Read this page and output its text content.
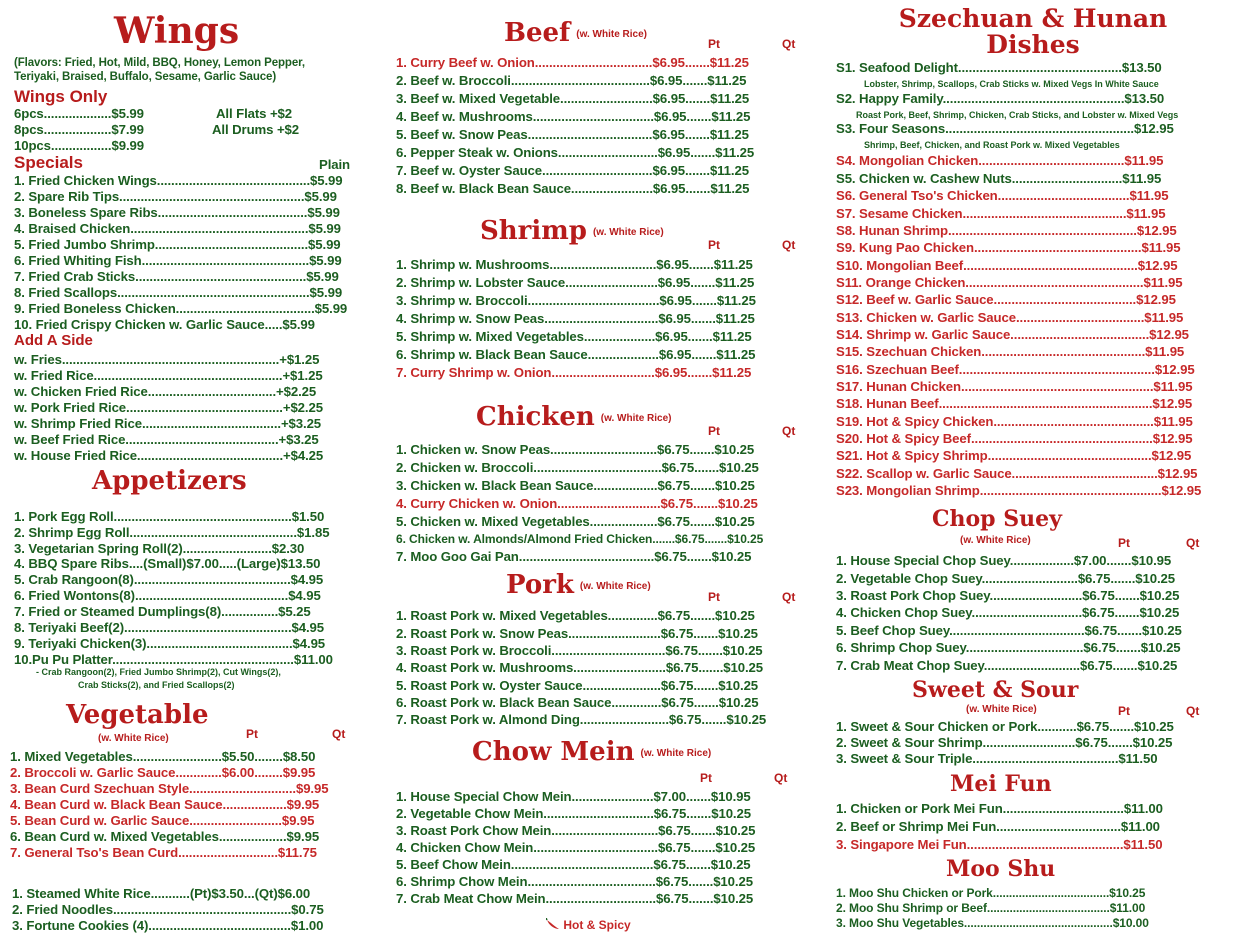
Wings
(Flavors: Fried, Hot, Mild, BBQ, Honey, Lemon Pepper, Teriyaki, Braised, Buffalo, Sesame, Garlic Sauce)
Wings Only
6pcs...................$5.99
8pcs...................$7.99
10pcs.................$9.99
All Flats +$2
All Drums +$2
Specials	Plain
1. Fried Chicken Wings...........................................$5.99
2. Spare Rib Tips....................................................$5.99
3. Boneless Spare Ribs..........................................$5.99
4. Braised Chicken..................................................$5.99
5. Fried Jumbo Shrimp...........................................$5.99
6. Fried Whiting Fish...............................................$5.99
7. Fried Crab Sticks................................................$5.99
8. Fried Scallops......................................................$5.99
9. Fried Boneless Chicken.......................................$5.99
10. Fried Crispy Chicken w. Garlic Sauce.....$5.99
Add A Side
w. Fries.............................................................+$1.25
w. Fried Rice.....................................................+$1.25
w. Chicken Fried Rice....................................+$2.25
w. Pork Fried Rice............................................+$2.25
w. Shrimp Fried Rice.......................................+$3.25
w. Beef Fried Rice...........................................+$3.25
w. House Fried Rice.........................................+$4.25
Appetizers
1. Pork Egg Roll..................................................$1.50
2. Shrimp Egg Roll...............................................$1.85
3. Vegetarian Spring Roll(2).........................$2.30
4. BBQ Spare Ribs....(Small)$7.00.....(Large)$13.50
5. Crab Rangoon(8)............................................$4.95
6. Fried Wontons(8)...........................................$4.95
7. Fried or Steamed Dumplings(8)................$5.25
8. Teriyaki Beef(2)...............................................$4.95
9. Teriyaki Chicken(3).........................................$4.95
10.Pu Pu Platter...................................................$11.00
- Crab Rangoon(2), Fried Jumbo Shrimp(2), Cut Wings(2),
Crab Sticks(2), and Fried Scallops(2)
Vegetable
Pt	Qt
(w. White Rice)
1. Mixed Vegetables.........................$5.50........$8.50
2. Broccoli w. Garlic Sauce.............$6.00........$9.95
3. Bean Curd Szechuan Style..............................$9.95
4. Bean Curd w. Black Bean Sauce..................$9.95
5. Bean Curd w. Garlic Sauce..........................$9.95
6. Bean Curd w. Mixed Vegetables...................$9.95
7. General Tso's Bean Curd............................$11.75
1. Steamed White Rice...........(Pt)$3.50...(Qt)$6.00
2. Fried Noodles..................................................$0.75
3. Fortune Cookies (4)........................................$1.00
Beef (w. White Rice)
Pt	Qt
1. Curry Beef w. Onion.................................$6.95.......$11.25
2. Beef w. Broccoli.......................................$6.95.......$11.25
3. Beef w. Mixed Vegetable..........................$6.95.......$11.25
4. Beef w. Mushrooms..................................$6.95.......$11.25
5. Beef w. Snow Peas...................................$6.95.......$11.25
6. Pepper Steak w. Onions............................$6.95.......$11.25
7. Beef w. Oyster Sauce...............................$6.95.......$11.25
8. Beef w. Black Bean Sauce.......................$6.95.......$11.25
Shrimp (w. White Rice)
Pt	Qt
1. Shrimp w. Mushrooms..............................$6.95.......$11.25
2. Shrimp w. Lobster Sauce..........................$6.95.......$11.25
3. Shrimp w. Broccoli.....................................$6.95.......$11.25
4. Shrimp w. Snow Peas................................$6.95.......$11.25
5. Shrimp w. Mixed Vegetables....................$6.95.......$11.25
6. Shrimp w. Black Bean Sauce....................$6.95.......$11.25
7. Curry Shrimp w. Onion.............................$6.95.......$11.25
Chicken (w. White Rice)
Pt	Qt
1. Chicken w. Snow Peas..............................$6.75.......$10.25
2. Chicken w. Broccoli....................................$6.75.......$10.25
3. Chicken w. Black Bean Sauce..................$6.75.......$10.25
4. Curry Chicken w. Onion.............................$6.75.......$10.25
5. Chicken w. Mixed Vegetables...................$6.75.......$10.25
6. Chicken w. Almonds/Almond Fried Chicken.......$6.75.......$10.25
7. Moo Goo Gai Pan......................................$6.75.......$10.25
Pork (w. White Rice)
Pt	Qt
1. Roast Pork w. Mixed Vegetables..............$6.75.......$10.25
2. Roast Pork w. Snow Peas..........................$6.75.......$10.25
3. Roast Pork w. Broccoli................................$6.75.......$10.25
4. Roast Pork w. Mushrooms..........................$6.75.......$10.25
5. Roast Pork w. Oyster Sauce......................$6.75.......$10.25
6. Roast Pork w. Black Bean Sauce..............$6.75.......$10.25
7. Roast Pork w. Almond Ding.........................$6.75.......$10.25
Chow Mein (w. White Rice)
Pt	Qt
1. House Special Chow Mein.......................$7.00.......$10.95
2. Vegetable Chow Mein...............................$6.75.......$10.25
3. Roast Pork Chow Mein..............................$6.75.......$10.25
4. Chicken Chow Mein...................................$6.75.......$10.25
5. Beef Chow Mein........................................$6.75.......$10.25
6. Shrimp Chow Mein....................................$6.75.......$10.25
7. Crab Meat Chow Mein...............................$6.75.......$10.25
Hot & Spicy
Szechuan & Hunan
Dishes
S1. Seafood Delight..............................................$13.50
Lobster, Shrimp, Scallops, Crab Sticks w. Mixed Vegs In White Sauce
S2. Happy Family...................................................$13.50
Roast Pork, Beef, Shrimp, Chicken, Crab Sticks, and Lobster w. Mixed Vegs
S3. Four Seasons.....................................................$12.95
Shrimp, Beef, Chicken, and Roast Pork w. Mixed Vegetables
S4. Mongolian Chicken.........................................$11.95
S5. Chicken w. Cashew Nuts...............................$11.95
S6. General Tso's Chicken.....................................$11.95
S7. Sesame Chicken..............................................$11.95
S8. Hunan Shrimp.....................................................$12.95
S9. Kung Pao Chicken...............................................$11.95
S10. Mongolian Beef.................................................$12.95
S11. Orange Chicken..................................................$11.95
S12. Beef w. Garlic Sauce........................................$12.95
S13. Chicken w. Garlic Sauce....................................$11.95
S14. Shrimp w. Garlic Sauce.......................................$12.95
S15. Szechuan Chicken..............................................$11.95
S16. Szechuan Beef.......................................................$12.95
S17. Hunan Chicken......................................................$11.95
S18. Hunan Beef............................................................$12.95
S19. Hot & Spicy Chicken.............................................$11.95
S20. Hot & Spicy Beef...................................................$12.95
S21. Hot & Spicy Shrimp..............................................$12.95
S22. Scallop w. Garlic Sauce.........................................$12.95
S23. Mongolian Shrimp...................................................$12.95
Chop Suey
(w. White Rice)	Pt	Qt
1. House Special Chop Suey..................$7.00.......$10.95
2. Vegetable Chop Suey...........................$6.75.......$10.25
3. Roast Pork Chop Suey..........................$6.75.......$10.25
4. Chicken Chop Suey...............................$6.75.......$10.25
5. Beef Chop Suey......................................$6.75.......$10.25
6. Shrimp Chop Suey.................................$6.75.......$10.25
7. Crab Meat Chop Suey...........................$6.75.......$10.25
Sweet & Sour
(w. White Rice)	Pt	Qt
1. Sweet & Sour Chicken or Pork...........$6.75.......$10.25
2. Sweet & Sour Shrimp..........................$6.75.......$10.25
3. Sweet & Sour Triple.........................................$11.50
Mei Fun
1. Chicken or Pork Mei Fun..................................$11.00
2. Beef or Shrimp Mei Fun...................................$11.00
3. Singapore Mei Fun............................................$11.50
Moo Shu
1. Moo Shu Chicken or Pork....................................$10.25
2. Moo Shu Shrimp or Beef......................................$11.00
3. Moo Shu Vegetables..............................................$10.00
